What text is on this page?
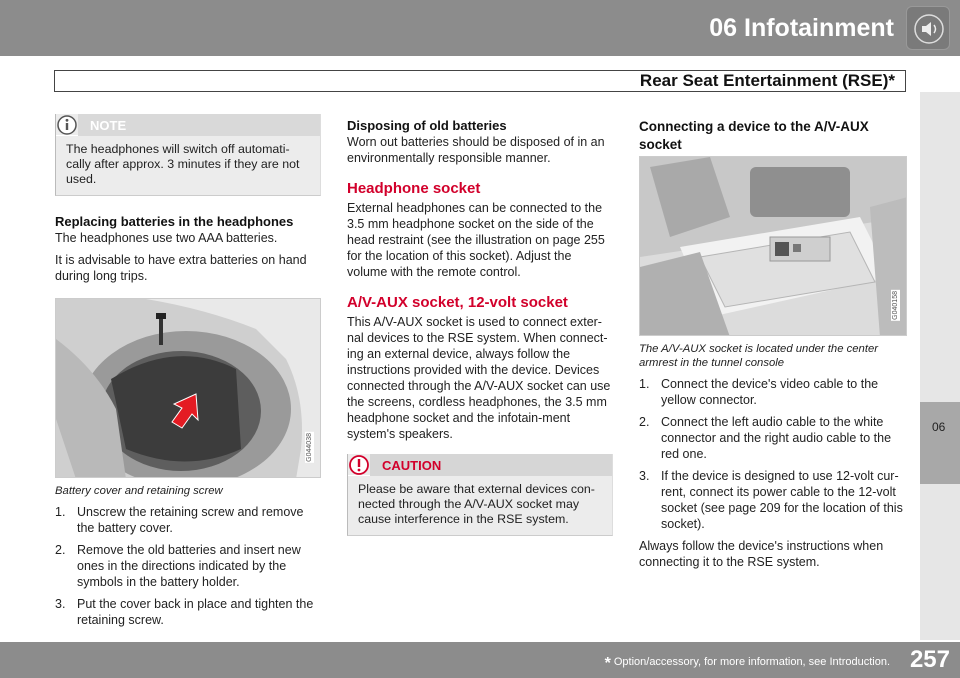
06 Infotainment
Rear Seat Entertainment (RSE)*
06
NOTE
The headphones will switch off automati-cally after approx. 3 minutes if they are not used.
Replacing batteries in the headphones

The headphones use two AAA batteries.

It is advisable to have extra batteries on hand during long trips.

G044038
Battery cover and retaining screw
1. Unscrew the retaining screw and remove the battery cover.
2. Remove the old batteries and insert new ones in the directions indicated by the symbols in the battery holder.
3. Put the cover back in place and tighten the retaining screw.
Disposing of old batteries

Worn out batteries should be disposed of in an environmentally responsible manner.

Headphone socket

External headphones can be connected to the 3.5 mm headphone socket on the side of the head restraint (see the illustration on page 255 for the location of this socket). Adjust the volume with the remote control.

A/V-AUX socket, 12-volt socket

This A/V-AUX socket is used to connect exter-nal devices to the RSE system. When connect-ing an external device, always follow the instructions provided with the device. Devices connected through the A/V-AUX socket can use the screens, cordless headphones, the 3.5 mm headphone socket and the infotain-ment system's speakers.

CAUTION
Please be aware that external devices con-nected through the A/V-AUX socket may cause interference in the RSE system.
Connecting a device to the A/V-AUX socket
G040158
The A/V-AUX socket is located under the center armrest in the tunnel console
1. Connect the device's video cable to the yellow connector.
2. Connect the left audio cable to the white connector and the right audio cable to the red one.
3. If the device is designed to use 12-volt cur-rent, connect its power cable to the 12-volt socket (see page 209 for the location of this socket).

Always follow the device's instructions when connecting it to the RSE system.

* Option/accessory, for more information, see Introduction. 257
